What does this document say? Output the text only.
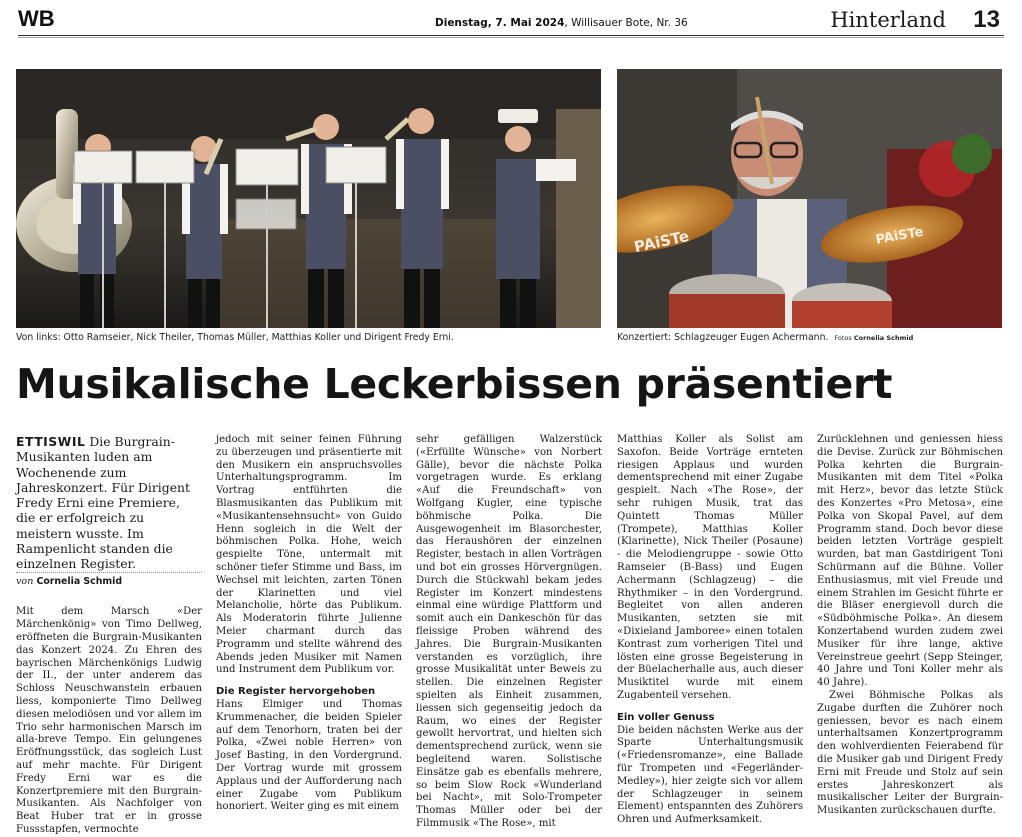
WB	Dienstag, 7. Mai 2024, Willisauer Bote, Nr. 36	Hinterland 13
Von links: Otto Ramseier, Nick Theiler, Thomas Müller, Matthias Koller und Dirigent Fredy Erni.
PAiSTe	PAiSTe
Konzertiert: Schlagzeuger Eugen Achermann. Fotos Cornelia Schmid
Musikalische Leckerbissen präsentiert

ETTISWIL Die Burgrain-Musikanten luden am Wochenende zum Jahreskonzert. Für Dirigent Fredy Erni eine Premiere, die er erfolgreich zu meistern wusste. Im Rampenlicht standen die einzelnen Register.

von Cornelia Schmid

Mit dem Marsch «Der Märchenkönig» von Timo Dellweg, eröffneten die Burgrain-Musikanten das Konzert 2024. Zu Ehren des bayrischen Märchenkönigs Ludwig der II., der unter anderem das Schloss Neuschwanstein erbauen liess, komponierte Timo Dellweg diesen melodiösen und vor allem im Trio sehr harmonischen Marsch im alla-breve Tempo. Ein gelungenes Eröffnungsstück, das sogleich Lust auf mehr machte. Für Dirigent Fredy Erni war es die Konzertpremiere mit den Burgrain-Musikanten. Als Nachfolger von Beat Huber trat er in grosse Fussstapfen, vermochte

jedoch mit seiner feinen Führung zu überzeugen und präsentierte mit den Musikern ein anspruchsvolles Unterhaltungsprogramm. Im Vortrag entführten die Blasmusikanten das Publikum mit «Musikantensehnsucht» von Guido Henn sogleich in die Welt der böhmischen Polka. Hohe, weich gespielte Töne, untermalt mit schöner tiefer Stimme und Bass, im Wechsel mit leichten, zarten Tönen der Klarinetten und viel Melancholie, hörte das Publikum. Als Moderatorin führte Julienne Meier charmant durch das Programm und stellte während des Abends jeden Musiker mit Namen und Instrument dem Publikum vor.

Die Register hervorgehoben

Hans Elmiger und Thomas Krummenacher, die beiden Spieler auf dem Tenorhorn, traten bei der Polka, «Zwei noble Herren» von Josef Basting, in den Vordergrund. Der Vortrag wurde mit grossem Applaus und der Aufforderung nach einer Zugabe vom Publikum honoriert. Weiter ging es mit einem

sehr gefälligen Walzerstück («Erfüllte Wünsche» von Norbert Gälle), bevor die nächste Polka vorgetragen wurde. Es erklang «Auf die Freundschaft» von Wolfgang Kugler, eine typische böhmische Polka. Die Ausgewogenheit im Blasorchester, das Heraushören der einzelnen Register, bestach in allen Vorträgen und bot ein grosses Hörvergnügen. Durch die Stückwahl bekam jedes Register im Konzert mindestens einmal eine würdige Plattform und somit auch ein Dankeschön für das fleissige Proben während des Jahres. Die Burgrain-Musikanten verstanden es vorzüglich, ihre grosse Musikalität unter Beweis zu stellen. Die einzelnen Register spielten als Einheit zusammen, liessen sich gegenseitig jedoch da Raum, wo eines der Register gewollt hervortrat, und hielten sich dementsprechend zurück, wenn sie begleitend waren. Solistische Einsätze gab es ebenfalls mehrere, so beim Slow Rock «Wunderland bei Nacht», mit Solo-Trompeter Thomas Müller oder bei der Filmmusik «The Rose», mit

Matthias Koller als Solist am Saxofon. Beide Vorträge ernteten riesigen Applaus und wurden dementsprechend mit einer Zugabe gespielt. Nach «The Rose», der sehr ruhigen Musik, trat das Quintett Thomas Müller (Trompete), Matthias Koller (Klarinette), Nick Theiler (Posaune) - die Melodiengruppe - sowie Otto Ramseier (B-Bass) und Eugen Achermann (Schlagzeug) – die Rhythmiker – in den Vordergrund. Begleitet von allen anderen Musikanten, setzten sie mit «Dixieland Jamboree» einen totalen Kontrast zum vorherigen Titel und lösten eine grosse Begeisterung in der Büelacherhalle aus, auch dieser Musiktitel wurde mit einem Zugabenteil versehen.

Ein voller Genuss

Die beiden nächsten Werke aus der Sparte Unterhaltungsmusik («Friedensromanze», eine Ballade für Trompeten und «Fegerländer-Medley»), hier zeigte sich vor allem der Schlagzeuger in seinem Element) entspannten des Zuhörers Ohren und Aufmerksamkeit.

Zurücklehnen und geniessen hiess die Devise. Zurück zur Böhmischen Polka kehrten die Burgrain-Musikanten mit dem Titel «Polka mit Herz», bevor das letzte Stück des Konzertes «Pro Metosa», eine Polka von Skopal Pavel, auf dem Programm stand. Doch bevor diese beiden letzten Vorträge gespielt wurden, bat man Gastdirigent Toni Schürmann auf die Bühne. Voller Enthusiasmus, mit viel Freude und einem Strahlen im Gesicht führte er die Bläser energievoll durch die «Südböhmische Polka». An diesem Konzertabend wurden zudem zwei Musiker für ihre lange, aktive Vereinstreue geehrt (Sepp Steinger, 40 Jahre und Toni Koller mehr als 40 Jahre).

Zwei Böhmische Polkas als Zugabe durften die Zuhörer noch geniessen, bevor es nach einem unterhaltsamen Konzertprogramm den wohlverdienten Feierabend für die Musiker gab und Dirigent Fredy Erni mit Freude und Stolz auf sein erstes Jahreskonzert als musikalischer Leiter der Burgrain-Musikanten zurückschauen durfte.
